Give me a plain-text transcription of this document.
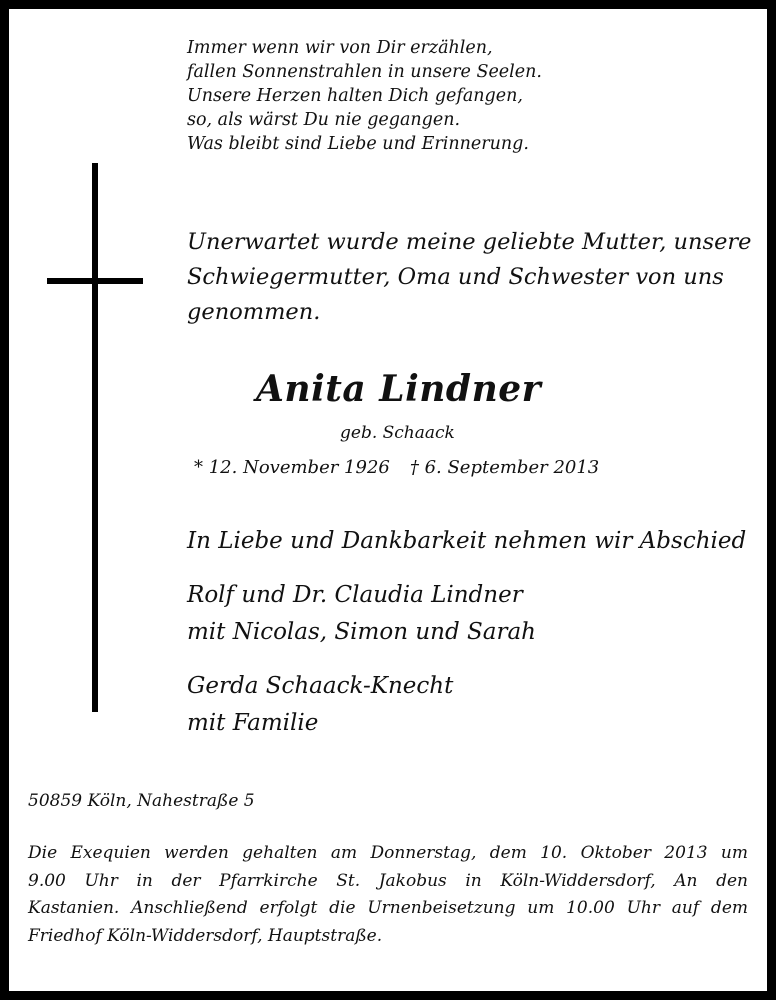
Immer wenn wir von Dir erzählen,
fallen Sonnenstrahlen in unsere Seelen.
Unsere Herzen halten Dich gefangen,
so, als wärst Du nie gegangen.
Was bleibt sind Liebe und Erinnerung.
Unerwartet wurde meine geliebte Mutter, unsere
Schwiegermutter, Oma und Schwester von uns
genommen.
Anita Lindner
geb. Schaack
* 12. November 1926 † 6. September 2013
In Liebe und Dankbarkeit nehmen wir Abschied
Rolf und Dr. Claudia Lindner
mit Nicolas, Simon und Sarah
Gerda Schaack-Knecht
mit Familie
50859 Köln, Nahestraße 5
Die Exequien werden gehalten am Donnerstag, dem 10. Oktober 2013 um
9.00 Uhr in der Pfarrkirche St. Jakobus in Köln-Widdersdorf, An den
Kastanien. Anschließend erfolgt die Urnenbeisetzung um 10.00 Uhr auf dem
Friedhof Köln-Widdersdorf, Hauptstraße.
